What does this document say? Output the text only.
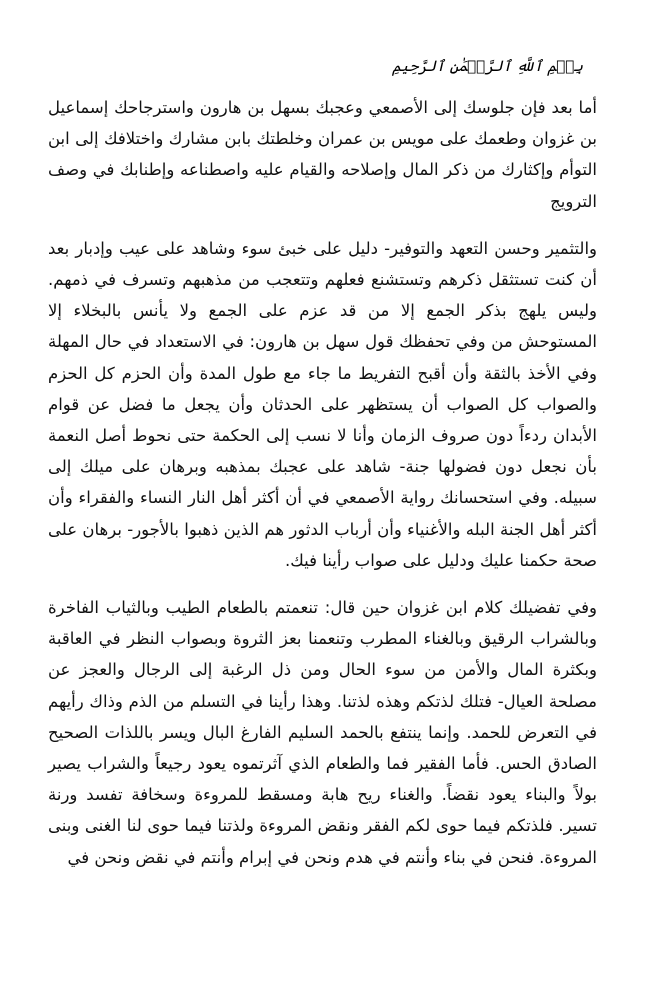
بِسۡمِ ٱللَّهِ ٱلرَّحۡمَٰنِ ٱلرَّحِيمِ

أما بعد فإن جلوسك إلى الأصمعي وعجبك بسهل بن هارون واسترجاحك إسماعيل بن غزوان وطعمك على مويس بن عمران وخلطتك بابن مشارك واختلافك إلى ابن التوأم وإكثارك من ذكر المال وإصلاحه والقيام عليه واصطناعه وإطنابك في وصف الترويج

والتثمير وحسن التعهد والتوفير- دليل على خبئ سوء وشاهد على عيب وإدبار بعد أن كنت تستثقل ذكرهم وتستشنع فعلهم وتتعجب من مذهبهم وتسرف في ذمهم. وليس يلهج بذكر الجمع إلا من قد عزم على الجمع ولا يأنس بالبخلاء إلا المستوحش من وفي تحفظك قول سهل بن هارون: في الاستعداد في حال المهلة وفي الأخذ بالثقة وأن أقبح التفريط ما جاء مع طول المدة وأن الحزم كل الحزم والصواب كل الصواب أن يستظهر على الحدثان وأن يجعل ما فضل عن قوام الأبدان ردءاً دون صروف الزمان وأنا لا نسب إلى الحكمة حتى نحوط أصل النعمة بأن نجعل دون فضولها جنة- شاهد على عجبك بمذهبه وبرهان على ميلك إلى سبيله. وفي استحسانك رواية الأصمعي في أن أكثر أهل النار النساء والفقراء وأن أكثر أهل الجنة البله والأغنياء وأن أرباب الدثور هم الذين ذهبوا بالأجور- برهان على صحة حكمنا عليك ودليل على صواب رأينا فيك.

وفي تفضيلك كلام ابن غزوان حين قال: تنعمتم بالطعام الطيب وبالثياب الفاخرة وبالشراب الرقيق وبالغناء المطرب وتنعمنا بعز الثروة وبصواب النظر في العاقبة وبكثرة المال والأمن من سوء الحال ومن ذل الرغبة إلى الرجال والعجز عن مصلحة العيال- فتلك لذتكم وهذه لذتنا. وهذا رأينا في التسلم من الذم وذاك رأيهم في التعرض للحمد. وإنما ينتفع بالحمد السليم الفارغ البال ويسر باللذات الصحيح الصادق الحس. فأما الفقير فما والطعام الذي آثرتموه يعود رجيعاً والشراب يصير بولاً والبناء يعود نقضاً. والغناء ريح هابة ومسقط للمروءة وسخافة تفسد ورنة تسير. فلذتكم فيما حوى لكم الفقر ونقض المروءة ولذتنا فيما حوى لنا الغنى وبنى المروءة. فنحن في بناء وأنتم في هدم ونحن في إبرام وأنتم في نقض ونحن في
